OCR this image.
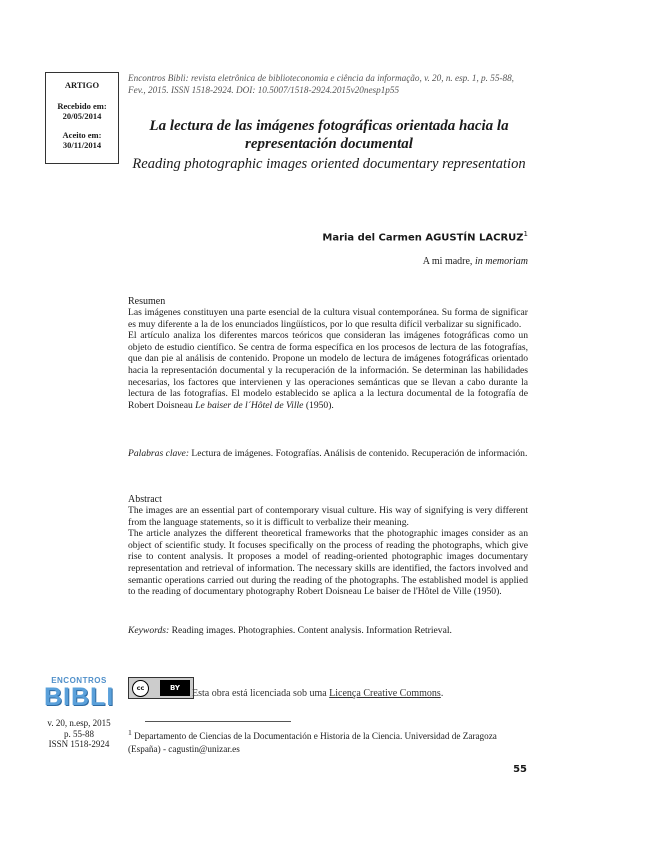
ARTIGO
Recebido em:
20/05/2014
Aceito em:
30/11/2014
Encontros Bibli: revista eletrônica de biblioteconomia e ciência da informação, v. 20, n. esp. 1, p. 55-88, Fev., 2015. ISSN 1518-2924. DOI: 10.5007/1518-2924.2015v20nesp1p55
La lectura de las imágenes fotográficas orientada hacia la representación documental
Reading photographic images oriented documentary representation
Maria del Carmen AGUSTÍN LACRUZ$^1$
A mi madre, in memoriam
Resumen

Las imágenes constituyen una parte esencial de la cultura visual contemporánea. Su forma de significar es muy diferente a la de los enunciados lingüísticos, por lo que resulta difícil verbalizar su significado.

El artículo analiza los diferentes marcos teóricos que consideran las imágenes fotográficas como un objeto de estudio científico. Se centra de forma específica en los procesos de lectura de las fotografías, que dan pie al análisis de contenido. Propone un modelo de lectura de imágenes fotográficas orientado hacia la representación documental y la recuperación de la información. Se determinan las habilidades necesarias, los factores que intervienen y las operaciones semánticas que se llevan a cabo durante la lectura de las fotografías. El modelo establecido se aplica a la lectura documental de la fotografía de Robert Doisneau Le baiser de l´Hôtel de Ville (1950).

Palabras clave: Lectura de imágenes. Fotografías. Análisis de contenido. Recuperación de información.
Abstract

The images are an essential part of contemporary visual culture. His way of signifying is very different from the language statements, so it is difficult to verbalize their meaning.

The article analyzes the different theoretical frameworks that the photographic images consider as an object of scientific study. It focuses specifically on the process of reading the photographs, which give rise to content analysis. It proposes a model of reading-oriented photographic images documentary representation and retrieval of information. The necessary skills are identified, the factors involved and semantic operations carried out during the reading of the photographs. The established model is applied to the reading of documentary photography Robert Doisneau Le baiser de l'Hôtel de Ville (1950).

Keywords: Reading images. Photographies. Content analysis. Information Retrieval.
ENCONTROS
BIBLI
v. 20, n.esp, 2015
p. 55-88
ISSN 1518-2924
cc	BY	Esta obra está licenciada sob uma Licença Creative Commons.
$^1$ Departamento de Ciencias de la Documentación e Historia de la Ciencia. Universidad de Zaragoza (España) - cagustin@unizar.es
55
